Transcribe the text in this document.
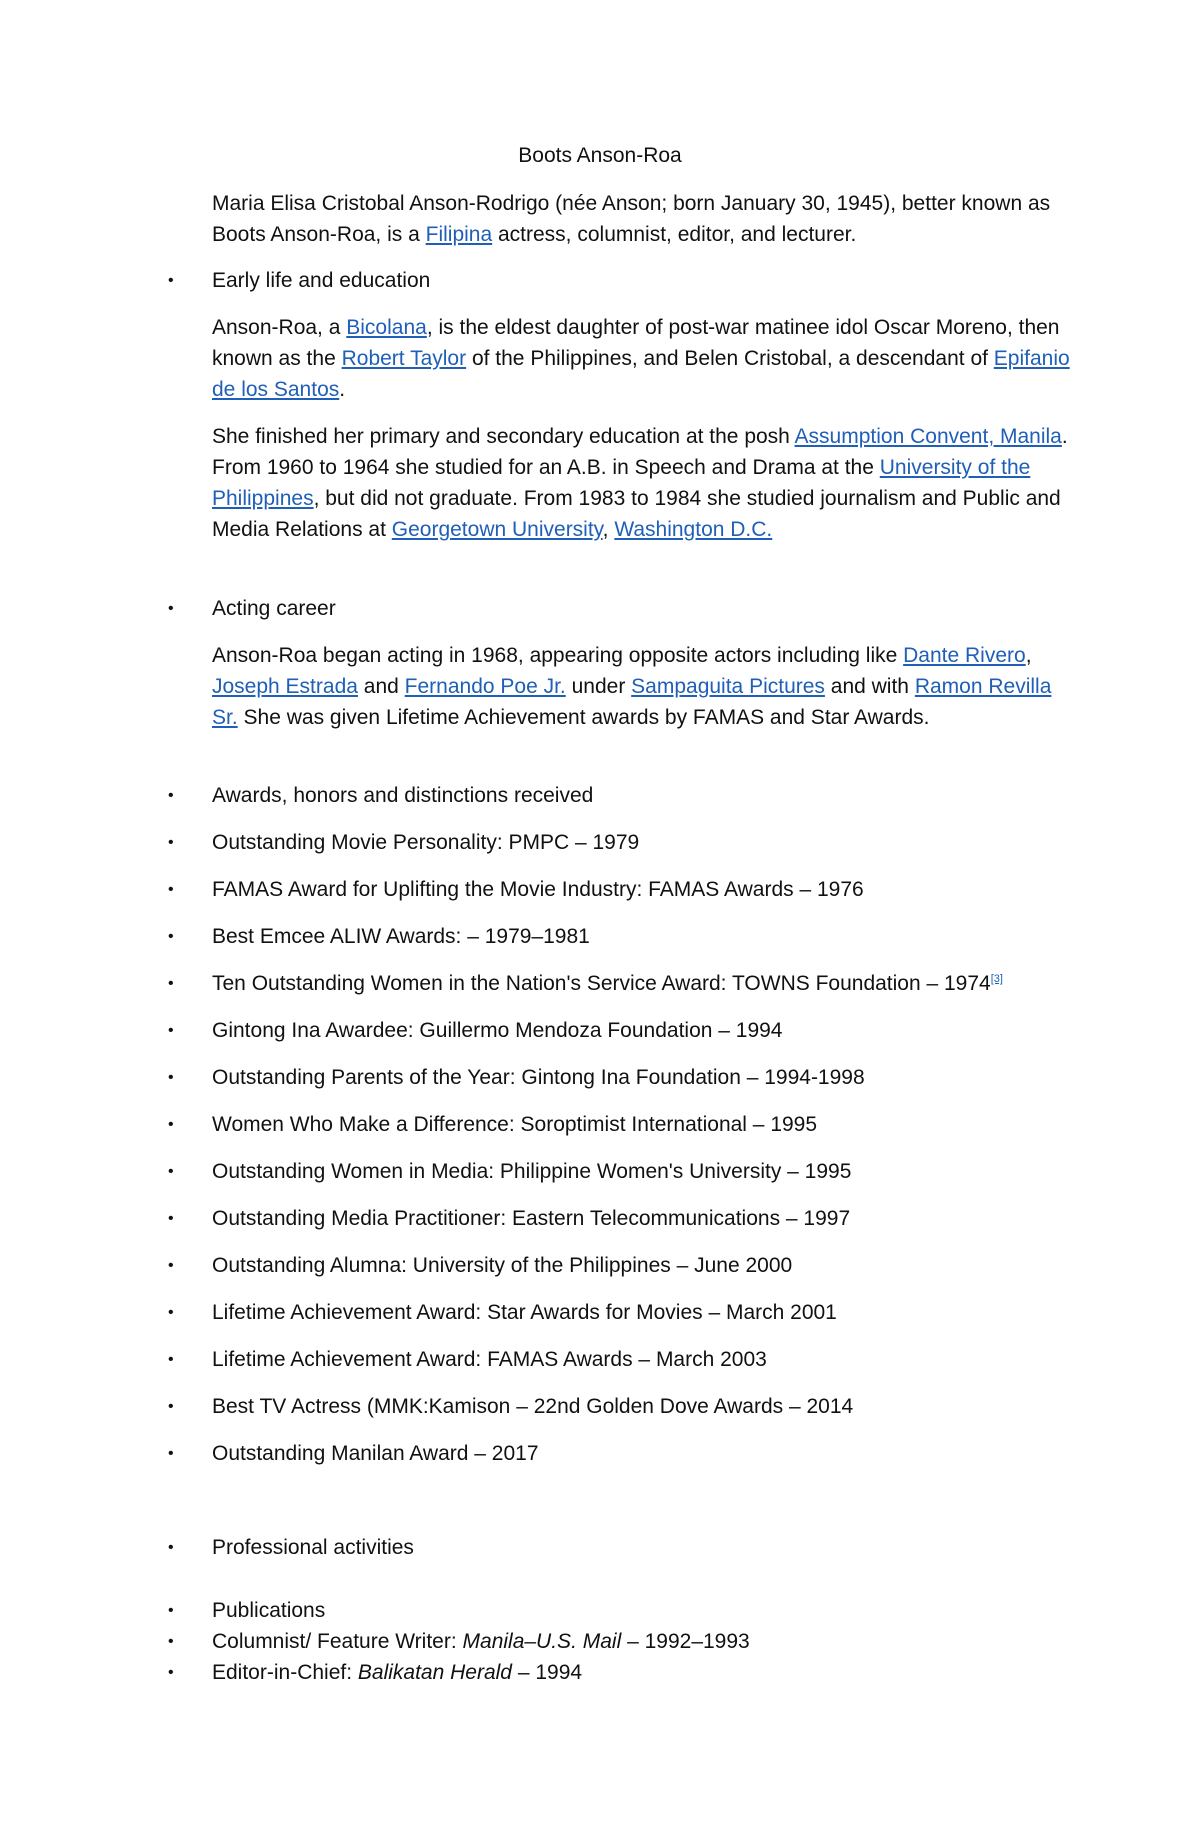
Boots Anson-Roa
Maria Elisa Cristobal Anson-Rodrigo (née Anson; born January 30, 1945), better known as Boots Anson-Roa, is a Filipina actress, columnist, editor, and lecturer.
•	Early life and education
Anson-Roa, a Bicolana, is the eldest daughter of post-war matinee idol Oscar Moreno, then known as the Robert Taylor of the Philippines, and Belen Cristobal, a descendant of Epifanio de los Santos.
She finished her primary and secondary education at the posh Assumption Convent, Manila. From 1960 to 1964 she studied for an A.B. in Speech and Drama at the University of the Philippines, but did not graduate. From 1983 to 1984 she studied journalism and Public and Media Relations at Georgetown University, Washington D.C.
•	Acting career
Anson-Roa began acting in 1968, appearing opposite actors including like Dante Rivero, Joseph Estrada and Fernando Poe Jr. under Sampaguita Pictures and with Ramon Revilla Sr. She was given Lifetime Achievement awards by FAMAS and Star Awards.
•	Awards, honors and distinctions received
•	Outstanding Movie Personality: PMPC – 1979
•	FAMAS Award for Uplifting the Movie Industry: FAMAS Awards – 1976
•	Best Emcee ALIW Awards: – 1979–1981
•	Ten Outstanding Women in the Nation's Service Award: TOWNS Foundation – 1974[3]
•	Gintong Ina Awardee: Guillermo Mendoza Foundation – 1994
•	Outstanding Parents of the Year: Gintong Ina Foundation – 1994-1998
•	Women Who Make a Difference: Soroptimist International – 1995
•	Outstanding Women in Media: Philippine Women's University – 1995
•	Outstanding Media Practitioner: Eastern Telecommunications – 1997
•	Outstanding Alumna: University of the Philippines – June 2000
•	Lifetime Achievement Award: Star Awards for Movies – March 2001
•	Lifetime Achievement Award: FAMAS Awards – March 2003
•	Best TV Actress (MMK:Kamison – 22nd Golden Dove Awards – 2014
•	Outstanding Manilan Award – 2017
•	Professional activities
•	Publications
•	Columnist/ Feature Writer: Manila–U.S. Mail – 1992–1993
•	Editor-in-Chief: Balikatan Herald – 1994
